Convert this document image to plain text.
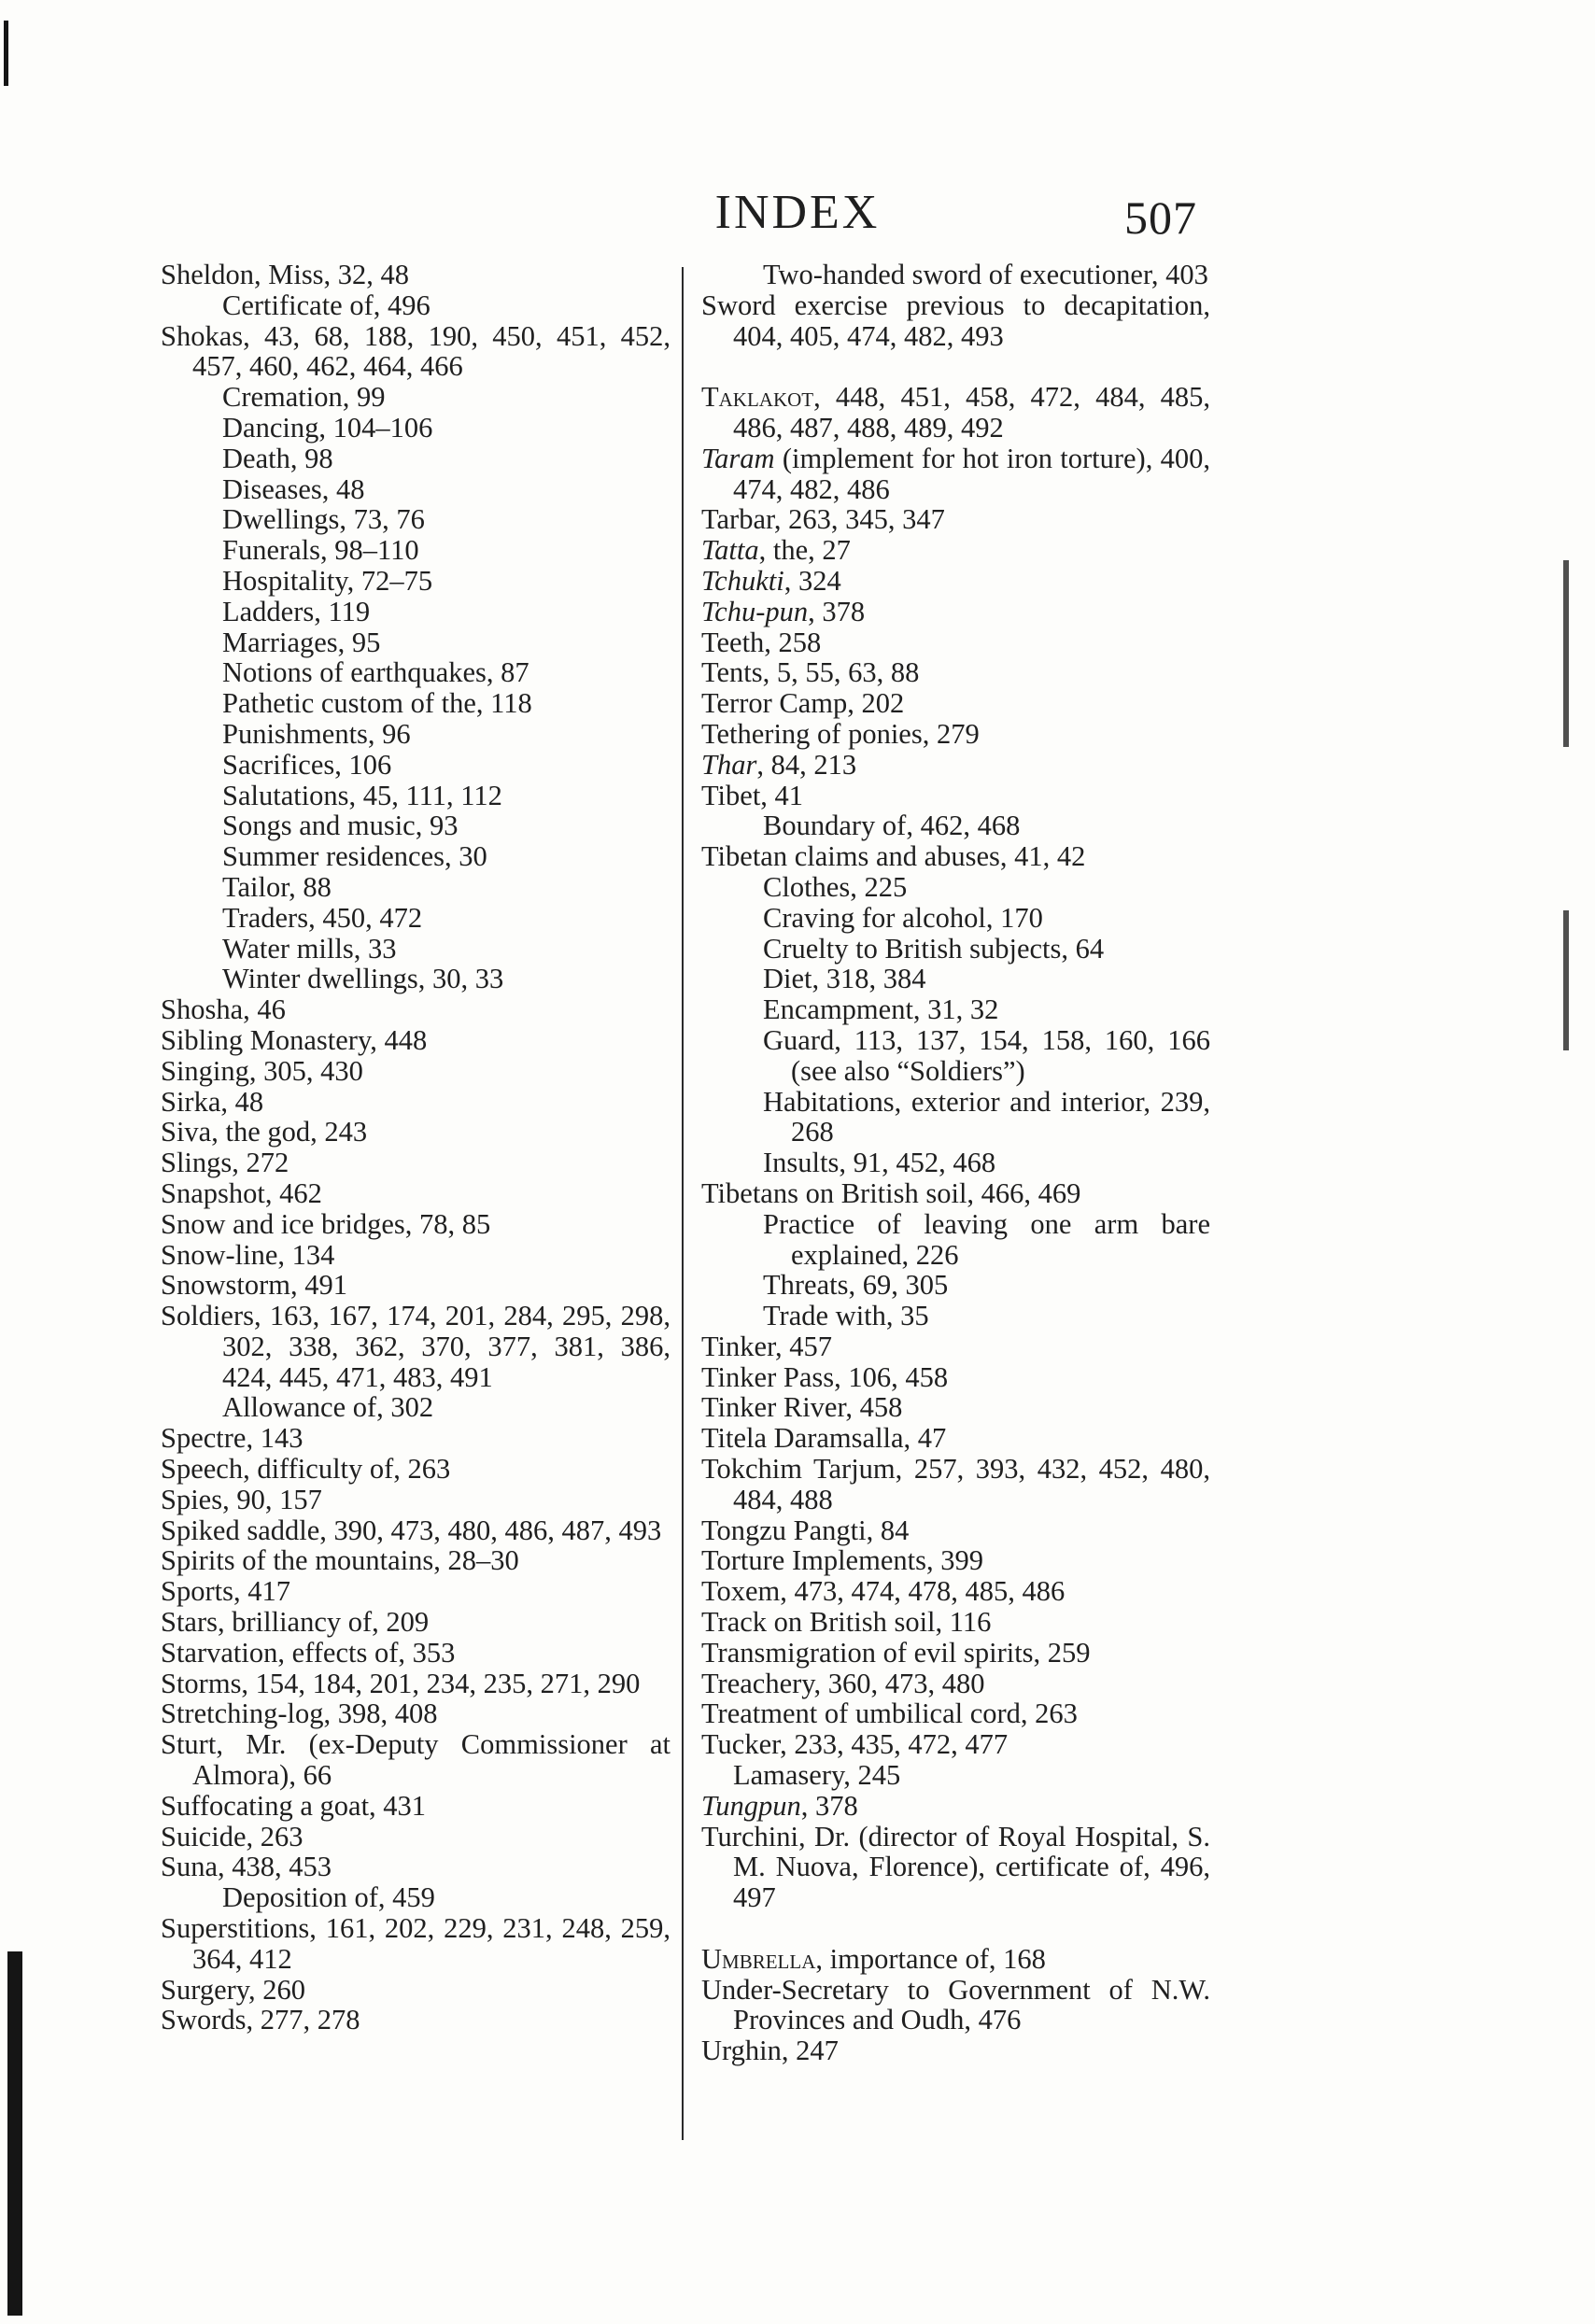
INDEX	507
Sheldon, Miss, 32, 48
Certificate of, 496
Shokas, 43, 68, 188, 190, 450, 451, 452, 457, 460, 462, 464, 466
Cremation, 99
Dancing, 104–106
Death, 98
Diseases, 48
Dwellings, 73, 76
Funerals, 98–110
Hospitality, 72–75
Ladders, 119
Marriages, 95
Notions of earthquakes, 87
Pathetic custom of the, 118
Punishments, 96
Sacrifices, 106
Salutations, 45, 111, 112
Songs and music, 93
Summer residences, 30
Tailor, 88
Traders, 450, 472
Water mills, 33
Winter dwellings, 30, 33
Shosha, 46
Sibling Monastery, 448
Singing, 305, 430
Sirka, 48
Siva, the god, 243
Slings, 272
Snapshot, 462
Snow and ice bridges, 78, 85
Snow-line, 134
Snowstorm, 491
Soldiers, 163, 167, 174, 201, 284, 295, 298, 302, 338, 362, 370, 377, 381, 386, 424, 445, 471, 483, 491
Allowance of, 302
Spectre, 143
Speech, difficulty of, 263
Spies, 90, 157
Spiked saddle, 390, 473, 480, 486, 487, 493
Spirits of the mountains, 28–30
Sports, 417
Stars, brilliancy of, 209
Starvation, effects of, 353
Storms, 154, 184, 201, 234, 235, 271, 290
Stretching-log, 398, 408
Sturt, Mr. (ex-Deputy Commissioner at Almora), 66
Suffocating a goat, 431
Suicide, 263
Suna, 438, 453
Deposition of, 459
Superstitions, 161, 202, 229, 231, 248, 259, 364, 412
Surgery, 260
Swords, 277, 278
Two-handed sword of executioner, 403
Sword exercise previous to decapitation, 404, 405, 474, 482, 493
Taklakot, 448, 451, 458, 472, 484, 485, 486, 487, 488, 489, 492
Taram (implement for hot iron torture), 400, 474, 482, 486
Tarbar, 263, 345, 347
Tatta, the, 27
Tchukti, 324
Tchu-pun, 378
Teeth, 258
Tents, 5, 55, 63, 88
Terror Camp, 202
Tethering of ponies, 279
Thar, 84, 213
Tibet, 41
Boundary of, 462, 468
Tibetan claims and abuses, 41, 42
Clothes, 225
Craving for alcohol, 170
Cruelty to British subjects, 64
Diet, 318, 384
Encampment, 31, 32
Guard, 113, 137, 154, 158, 160, 166 (see also “Soldiers”)
Habitations, exterior and interior, 239, 268
Insults, 91, 452, 468
Tibetans on British soil, 466, 469
Practice of leaving one arm bare explained, 226
Threats, 69, 305
Trade with, 35
Tinker, 457
Tinker Pass, 106, 458
Tinker River, 458
Titela Daramsalla, 47
Tokchim Tarjum, 257, 393, 432, 452, 480, 484, 488
Tongzu Pangti, 84
Torture Implements, 399
Toxem, 473, 474, 478, 485, 486
Track on British soil, 116
Transmigration of evil spirits, 259
Treachery, 360, 473, 480
Treatment of umbilical cord, 263
Tucker, 233, 435, 472, 477
Lamasery, 245
Tungpun, 378
Turchini, Dr. (director of Royal Hospital, S. M. Nuova, Florence), certificate of, 496, 497
Umbrella, importance of, 168
Under-Secretary to Government of N.W. Provinces and Oudh, 476
Urghin, 247
